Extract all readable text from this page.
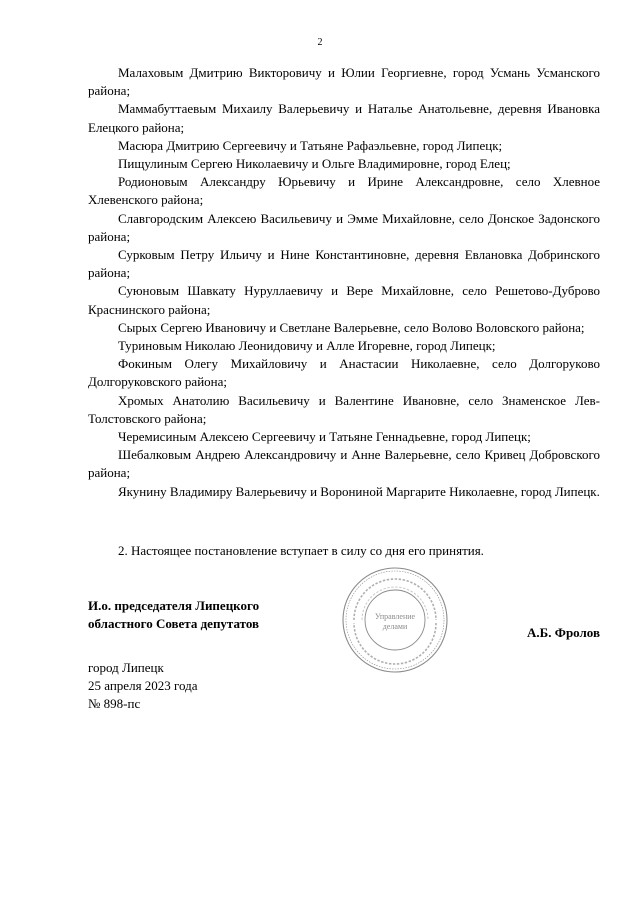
2

Малаховым Дмитрию Викторовичу и Юлии Георгиевне, город Усмань Усманского района;

Маммабуттаевым Михаилу Валерьевичу и Наталье Анатольевне, деревня Ивановка Елецкого района;

Масюра Дмитрию Сергеевичу и Татьяне Рафаэльевне, город Липецк;

Пищулиным Сергею Николаевичу и Ольге Владимировне, город Елец;

Родионовым Александру Юрьевичу и Ирине Александровне, село Хлевное Хлевенского района;

Славгородским Алексею Васильевичу и Эмме Михайловне, село Донское Задонского района;

Сурковым Петру Ильичу и Нине Константиновне, деревня Евлановка Добринского района;

Суюновым Шавкату Нуруллаевичу и Вере Михайловне, село Решетово-Дуброво Краснинского района;

Сырых Сергею Ивановичу и Светлане Валерьевне, село Волово Воловского района;

Туриновым Николаю Леонидовичу и Алле Игоревне, город Липецк;

Фокиным Олегу Михайловичу и Анастасии Николаевне, село Долгоруково Долгоруковского района;

Хромых Анатолию Васильевичу и Валентине Ивановне, село Знаменское Лев-Толстовского района;

Черемисиным Алексею Сергеевичу и Татьяне Геннадьевне, город Липецк;

Шебалковым Андрею Александровичу и Анне Валерьевне, село Кривец Добровского района;

Якунину Владимиру Валерьевичу и Ворониной Маргарите Николаевне, город Липецк.

2. Настоящее постановление вступает в силу со дня его принятия.
И.о. председателя Липецкого
областного Совета депутатов	Управление
делами	А.Б. Фролов
город Липецк
25 апреля 2023 года
№ 898-пс
